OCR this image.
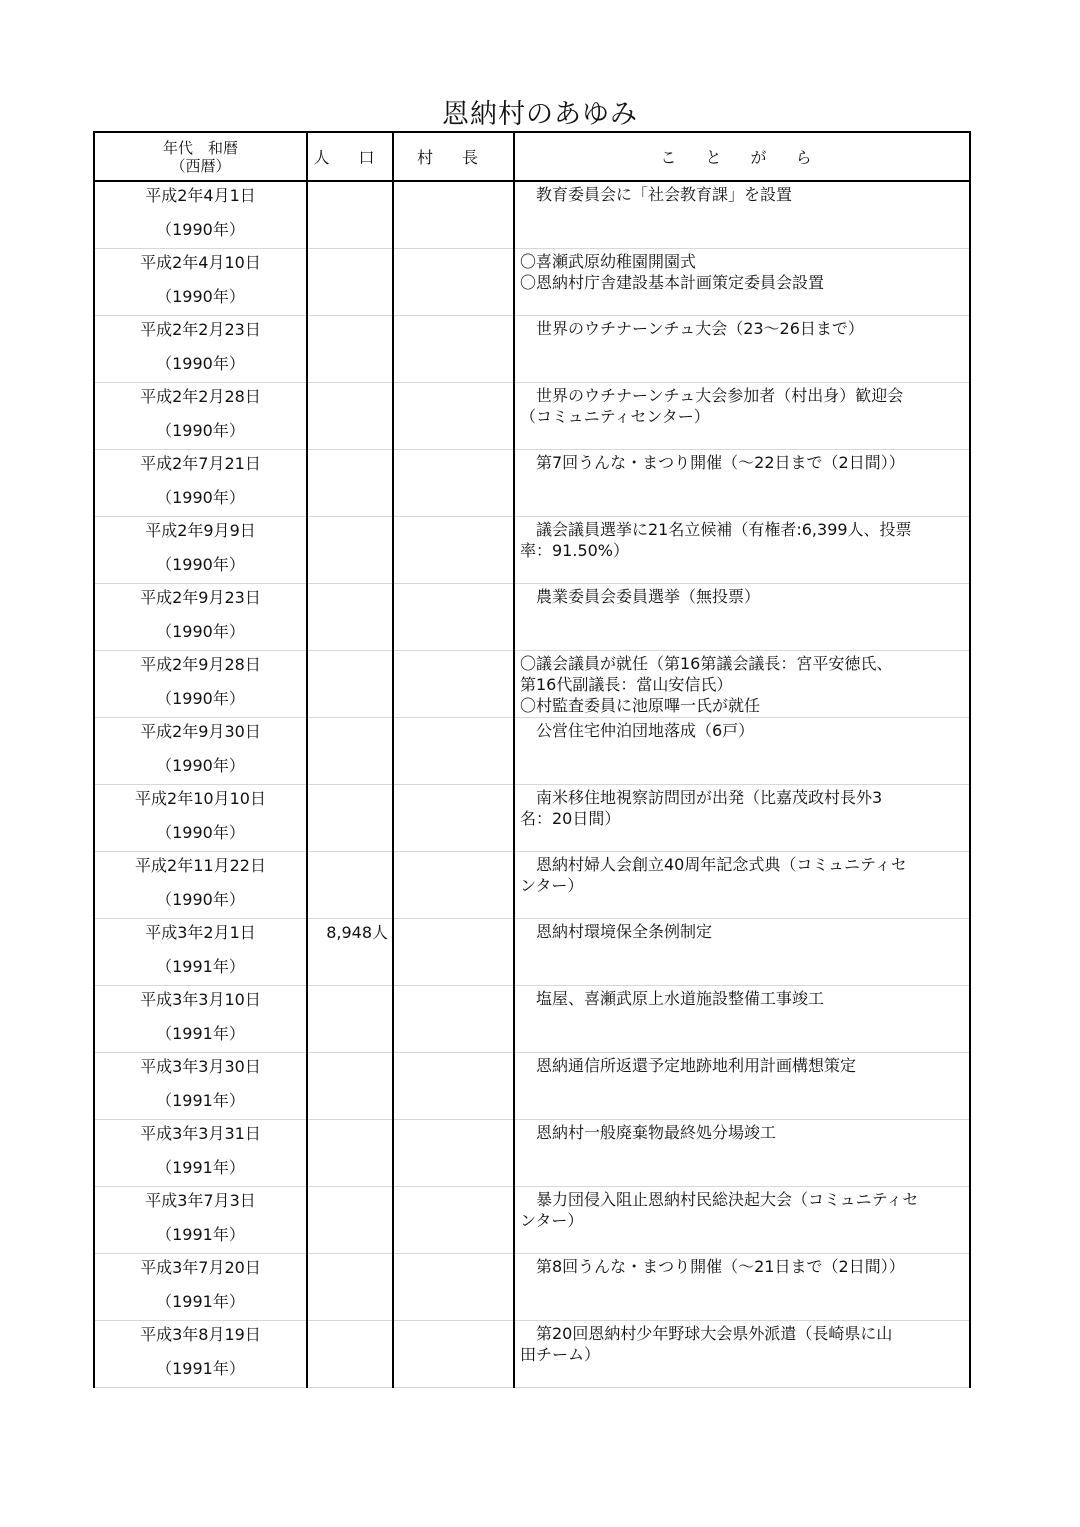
恩納村のあゆみ
年代　和暦
（西暦）	人 口	村 長	こ と が ら

平成2年4月1日
（1990年）			　教育委員会に「社会教育課」を設置

平成2年4月10日
（1990年）			〇喜瀬武原幼稚園開園式
〇恩納村庁舎建設基本計画策定委員会設置

平成2年2月23日
（1990年）			　世界のウチナーンチュ大会（23～26日まで）

平成2年2月28日
（1990年）			　世界のウチナーンチュ大会参加者（村出身）歓迎会
（コミュニティセンター）

平成2年7月21日
（1990年）			　第7回うんな・まつり開催（～22日まで（2日間））

平成2年9月9日
（1990年）			　議会議員選挙に21名立候補（有権者:6,399人、投票
率：91.50%）

平成2年9月23日
（1990年）			　農業委員会委員選挙（無投票）

平成2年9月28日
（1990年）			〇議会議員が就任（第16第議会議長：宮平安徳氏、
第16代副議長：當山安信氏）
〇村監査委員に池原嗶一氏が就任

平成2年9月30日
（1990年）			　公営住宅仲泊団地落成（6戸）

平成2年10月10日
（1990年）			　南米移住地視察訪問団が出発（比嘉茂政村長外3
名：20日間）

平成2年11月22日
（1990年）			　恩納村婦人会創立40周年記念式典（コミュニティセ
ンター）

平成3年2月1日
（1991年）	8,948人		　恩納村環境保全条例制定

平成3年3月10日
（1991年）			　塩屋、喜瀬武原上水道施設整備工事竣工

平成3年3月30日
（1991年）			　恩納通信所返還予定地跡地利用計画構想策定

平成3年3月31日
（1991年）			　恩納村一般廃棄物最終処分場竣工

平成3年7月3日
（1991年）			　暴力団侵入阻止恩納村民総決起大会（コミュニティセ
ンター）

平成3年7月20日
（1991年）			　第8回うんな・まつり開催（～21日まで（2日間））

平成3年8月19日
（1991年）			　第20回恩納村少年野球大会県外派遣（長崎県に山
田チーム）
